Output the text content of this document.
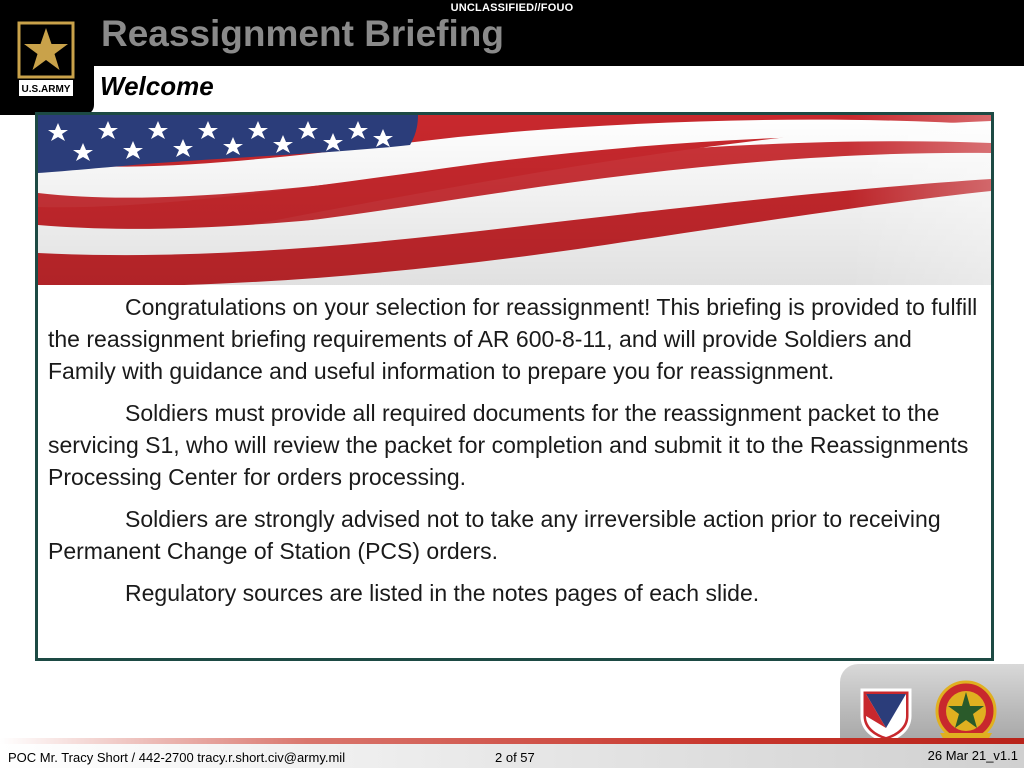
UNCLASSIFIED//FOUO
Reassignment Briefing
U.S.ARMY Welcome

Congratulations on your selection for reassignment! This briefing is provided to fulfill the reassignment briefing requirements of AR 600-8-11, and will provide Soldiers and Family with guidance and useful information to prepare you for reassignment.

Soldiers must provide all required documents for the reassignment packet to the servicing S1, who will review the packet for completion and submit it to the Reassignments Processing Center for orders processing.

Soldiers are strongly advised not to take any irreversible action prior to receiving Permanent Change of Station (PCS) orders.

Regulatory sources are listed in the notes pages of each slide.

POC Mr. Tracy Short / 442-2700 tracy.r.short.civ@army.mil	2 of 57	26 Mar 21_v1.1
